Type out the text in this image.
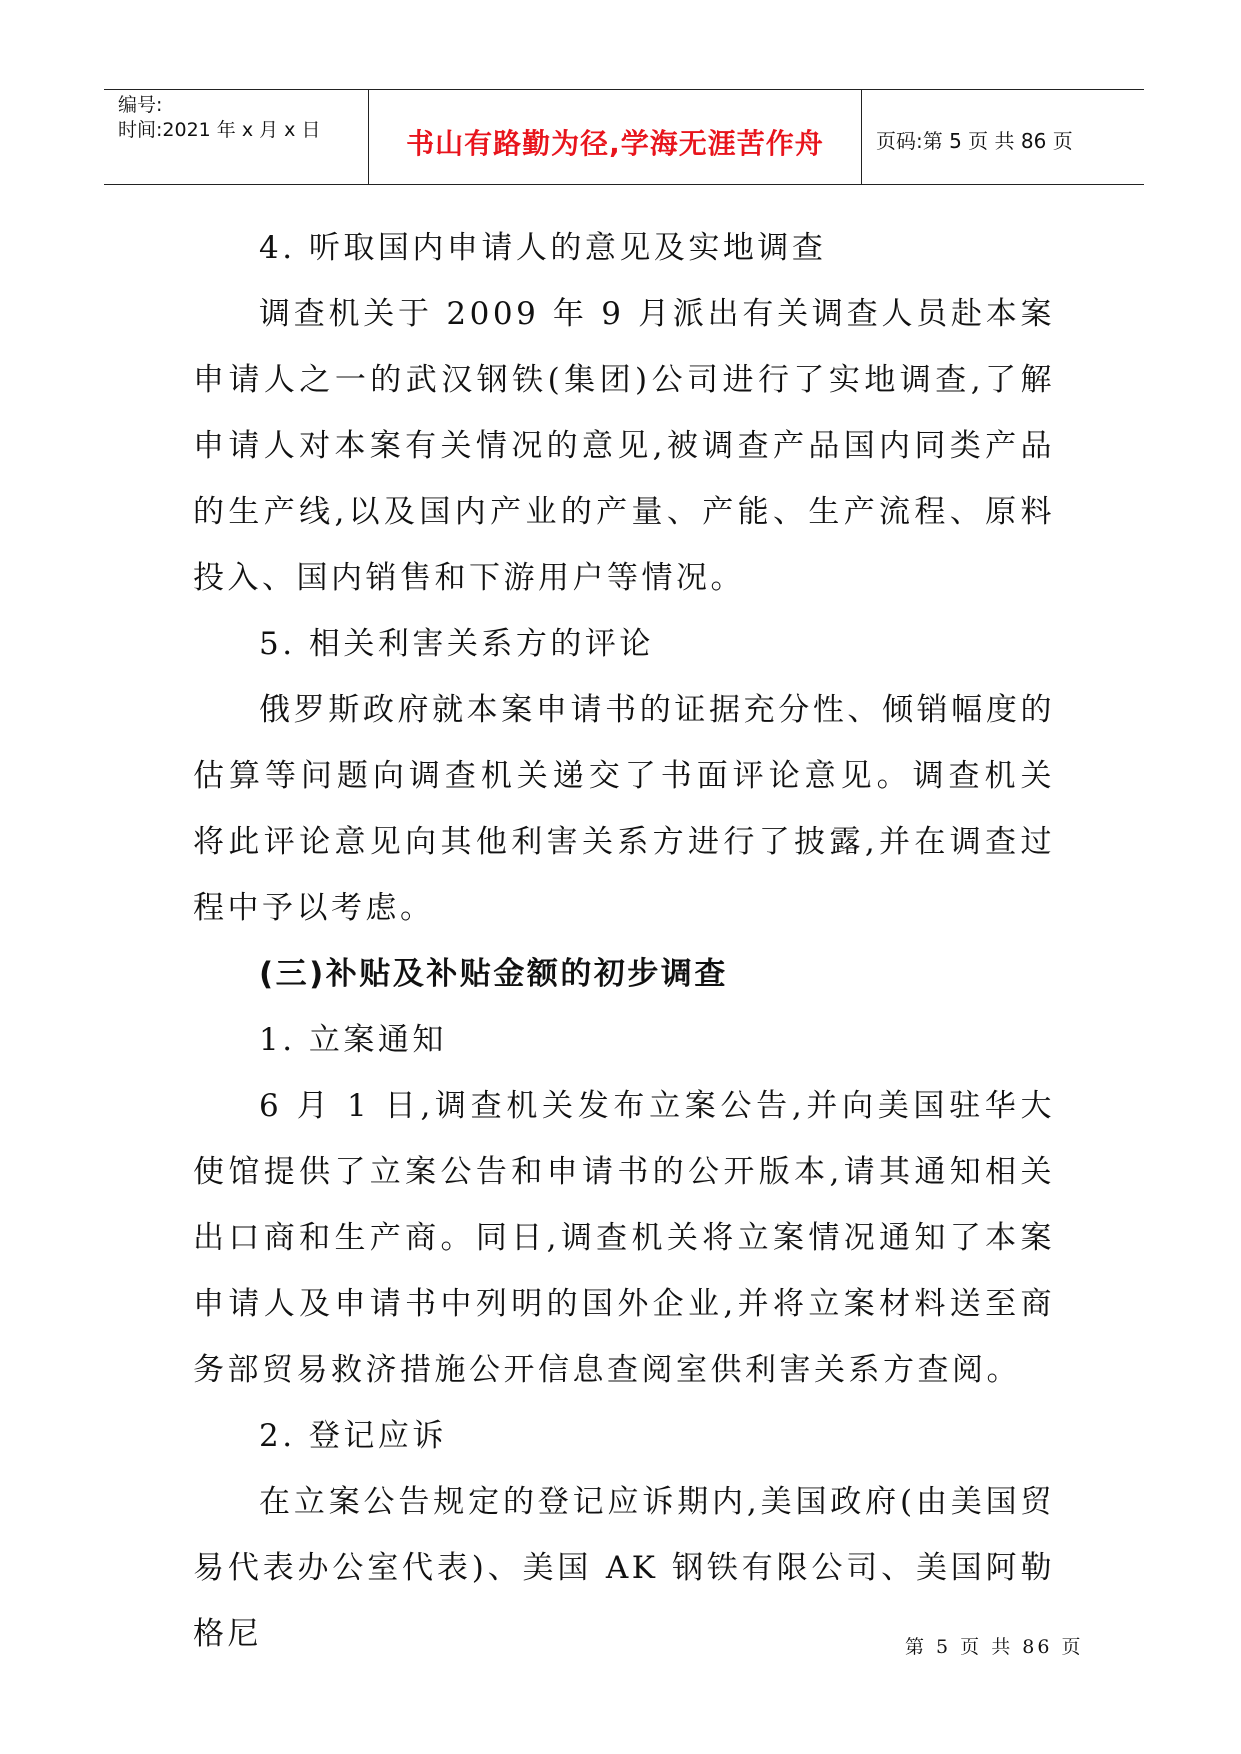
编号:
时间:2021 年 x 月 x 日	书山有路勤为径,学海无涯苦作舟	页码:第 5 页 共 86 页

4. 听取国内申请人的意见及实地调查

调查机关于 2009 年 9 月派出有关调查人员赴本案申请人之一的武汉钢铁(集团)公司进行了实地调查,了解申请人对本案有关情况的意见,被调查产品国内同类产品的生产线,以及国内产业的产量、产能、生产流程、原料投入、国内销售和下游用户等情况。

5. 相关利害关系方的评论

俄罗斯政府就本案申请书的证据充分性、倾销幅度的估算等问题向调查机关递交了书面评论意见。调查机关将此评论意见向其他利害关系方进行了披露,并在调查过程中予以考虑。

(三)补贴及补贴金额的初步调查

1. 立案通知

6 月 1 日,调查机关发布立案公告,并向美国驻华大使馆提供了立案公告和申请书的公开版本,请其通知相关出口商和生产商。同日,调查机关将立案情况通知了本案申请人及申请书中列明的国外企业,并将立案材料送至商务部贸易救济措施公开信息查阅室供利害关系方查阅。

2. 登记应诉

在立案公告规定的登记应诉期内,美国政府(由美国贸易代表办公室代表)、美国 AK 钢铁有限公司、美国阿勒格尼	第 5 页 共 86 页
